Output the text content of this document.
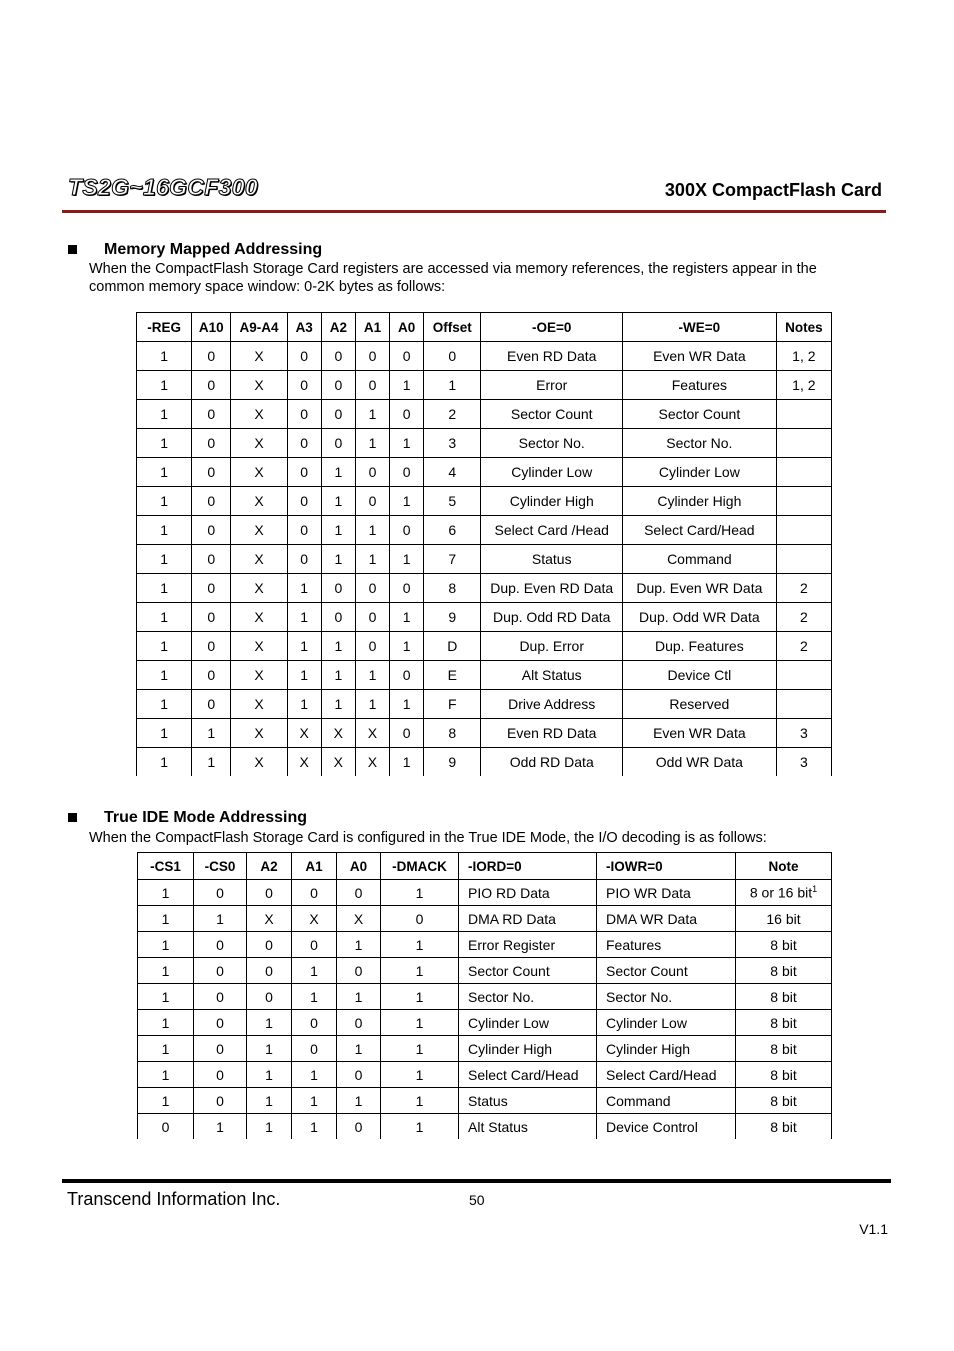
TS2G~16GCF300	300X CompactFlash Card
Memory Mapped Addressing
When the CompactFlash Storage Card registers are accessed via memory references, the registers appear in the
common memory space window: 0-2K bytes as follows:
-REG	A10	A9-A4	A3	A2	A1	A0	Offset	-OE=0	-WE=0	Notes
1	0	X	0	0	0	0	0	Even RD Data	Even WR Data	1, 2
1	0	X	0	0	0	1	1	Error	Features	1, 2
1	0	X	0	0	1	0	2	Sector Count	Sector Count	
1	0	X	0	0	1	1	3	Sector No.	Sector No.	
1	0	X	0	1	0	0	4	Cylinder Low	Cylinder Low	
1	0	X	0	1	0	1	5	Cylinder High	Cylinder High	
1	0	X	0	1	1	0	6	Select Card /Head	Select Card/Head	
1	0	X	0	1	1	1	7	Status	Command	
1	0	X	1	0	0	0	8	Dup. Even RD Data	Dup. Even WR Data	2
1	0	X	1	0	0	1	9	Dup. Odd RD Data	Dup. Odd WR Data	2
1	0	X	1	1	0	1	D	Dup. Error	Dup. Features	2
1	0	X	1	1	1	0	E	Alt Status	Device Ctl	
1	0	X	1	1	1	1	F	Drive Address	Reserved	
1	1	X	X	X	X	0	8	Even RD Data	Even WR Data	3
1	1	X	X	X	X	1	9	Odd RD Data	Odd WR Data	3
True IDE Mode Addressing
When the CompactFlash Storage Card is configured in the True IDE Mode, the I/O decoding is as follows:
-CS1	-CS0	A2	A1	A0	-DMACK	-IORD=0	-IOWR=0	Note
1	0	0	0	0	1	PIO RD Data	PIO WR Data	8 or 16 bit$^1$
1	1	X	X	X	0	DMA RD Data	DMA WR Data	16 bit
1	0	0	0	1	1	Error Register	Features	8 bit
1	0	0	1	0	1	Sector Count	Sector Count	8 bit
1	0	0	1	1	1	Sector No.	Sector No.	8 bit
1	0	1	0	0	1	Cylinder Low	Cylinder Low	8 bit
1	0	1	0	1	1	Cylinder High	Cylinder High	8 bit
1	0	1	1	0	1	Select Card/Head	Select Card/Head	8 bit
1	0	1	1	1	1	Status	Command	8 bit
0	1	1	1	0	1	Alt Status	Device Control	8 bit
Transcend Information Inc.	50
V1.1
